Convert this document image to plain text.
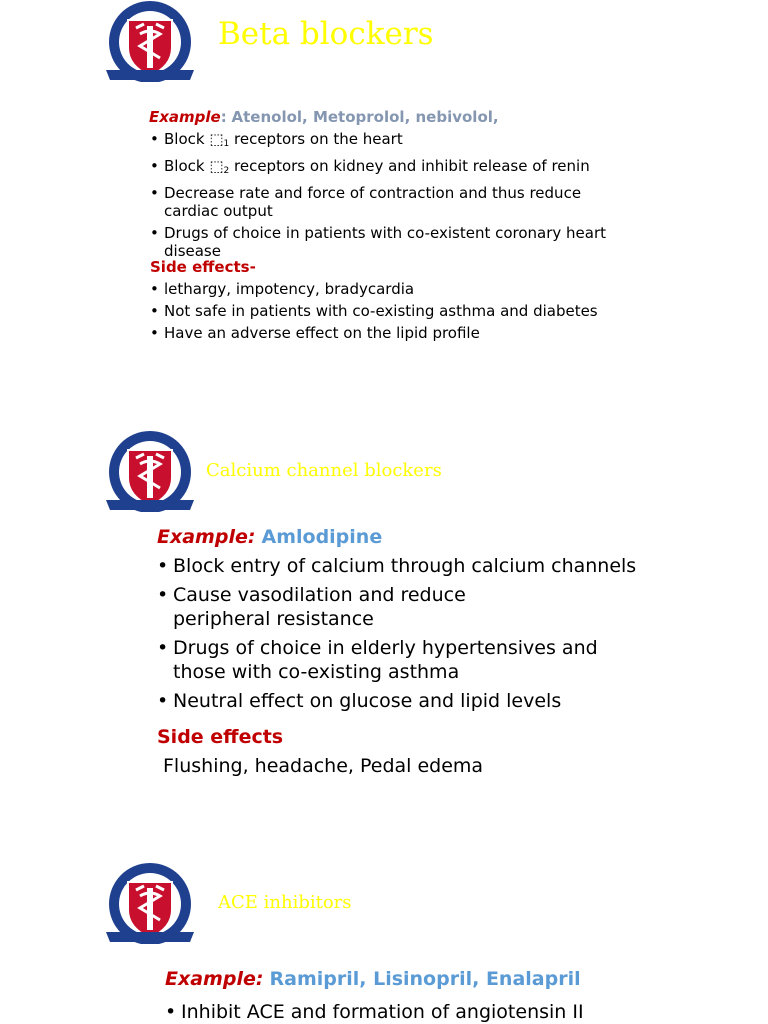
Beta blockers
Example: Atenolol, Metoprolol, nebivolol,
• Block $⬚_1$ receptors on the heart
• Block $⬚_2$ receptors on kidney and inhibit release of renin
• Decrease rate and force of contraction and thus reduce cardiac output
• Drugs of choice in patients with co-existent coronary heart disease
Side effects-
• lethargy, impotency, bradycardia
• Not safe in patients with co-existing asthma and diabetes
• Have an adverse effect on the lipid profile
Calcium channel blockers
Example: Amlodipine
• Block entry of calcium through calcium channels
• Cause vasodilation and reduce peripheral resistance
• Drugs of choice in elderly hypertensives and those with co-existing asthma
• Neutral effect on glucose and lipid levels
Side effects
Flushing, headache, Pedal edema
ACE inhibitors
Example: Ramipril, Lisinopril, Enalapril
• Inhibit ACE and formation of angiotensin II
